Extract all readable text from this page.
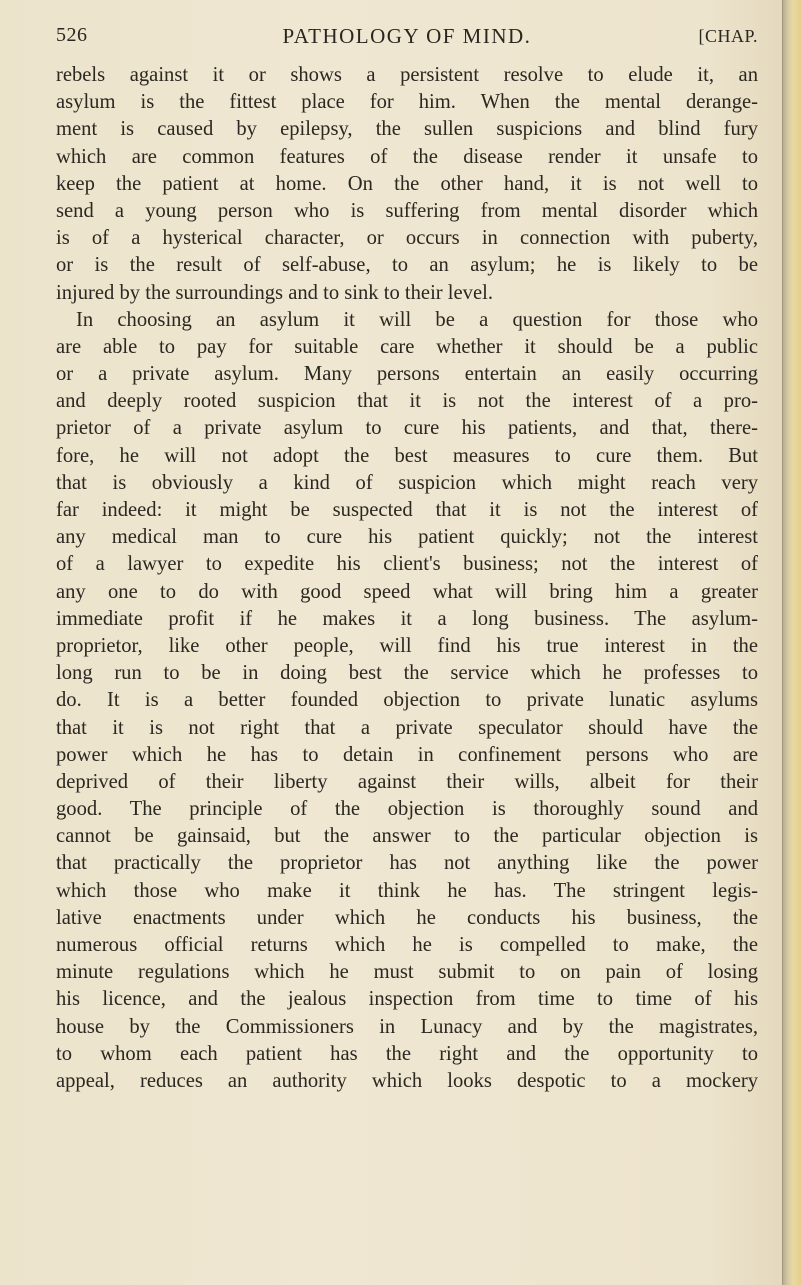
526	PATHOLOGY OF MIND.	[CHAP.
rebels against it or shows a persistent resolve to elude it, an
asylum is the fittest place for him. When the mental derange-
ment is caused by epilepsy, the sullen suspicions and blind fury
which are common features of the disease render it unsafe to
keep the patient at home. On the other hand, it is not well to
send a young person who is suffering from mental disorder which
is of a hysterical character, or occurs in connection with puberty,
or is the result of self-abuse, to an asylum; he is likely to be
injured by the surroundings and to sink to their level.
In choosing an asylum it will be a question for those who
are able to pay for suitable care whether it should be a public
or a private asylum. Many persons entertain an easily occurring
and deeply rooted suspicion that it is not the interest of a pro-
prietor of a private asylum to cure his patients, and that, there-
fore, he will not adopt the best measures to cure them. But
that is obviously a kind of suspicion which might reach very
far indeed: it might be suspected that it is not the interest of
any medical man to cure his patient quickly; not the interest
of a lawyer to expedite his client's business; not the interest of
any one to do with good speed what will bring him a greater
immediate profit if he makes it a long business. The asylum-
proprietor, like other people, will find his true interest in the
long run to be in doing best the service which he professes to
do. It is a better founded objection to private lunatic asylums
that it is not right that a private speculator should have the
power which he has to detain in confinement persons who are
deprived of their liberty against their wills, albeit for their
good. The principle of the objection is thoroughly sound and
cannot be gainsaid, but the answer to the particular objection is
that practically the proprietor has not anything like the power
which those who make it think he has. The stringent legis-
lative enactments under which he conducts his business, the
numerous official returns which he is compelled to make, the
minute regulations which he must submit to on pain of losing
his licence, and the jealous inspection from time to time of his
house by the Commissioners in Lunacy and by the magistrates,
to whom each patient has the right and the opportunity to
appeal, reduces an authority which looks despotic to a mockery
